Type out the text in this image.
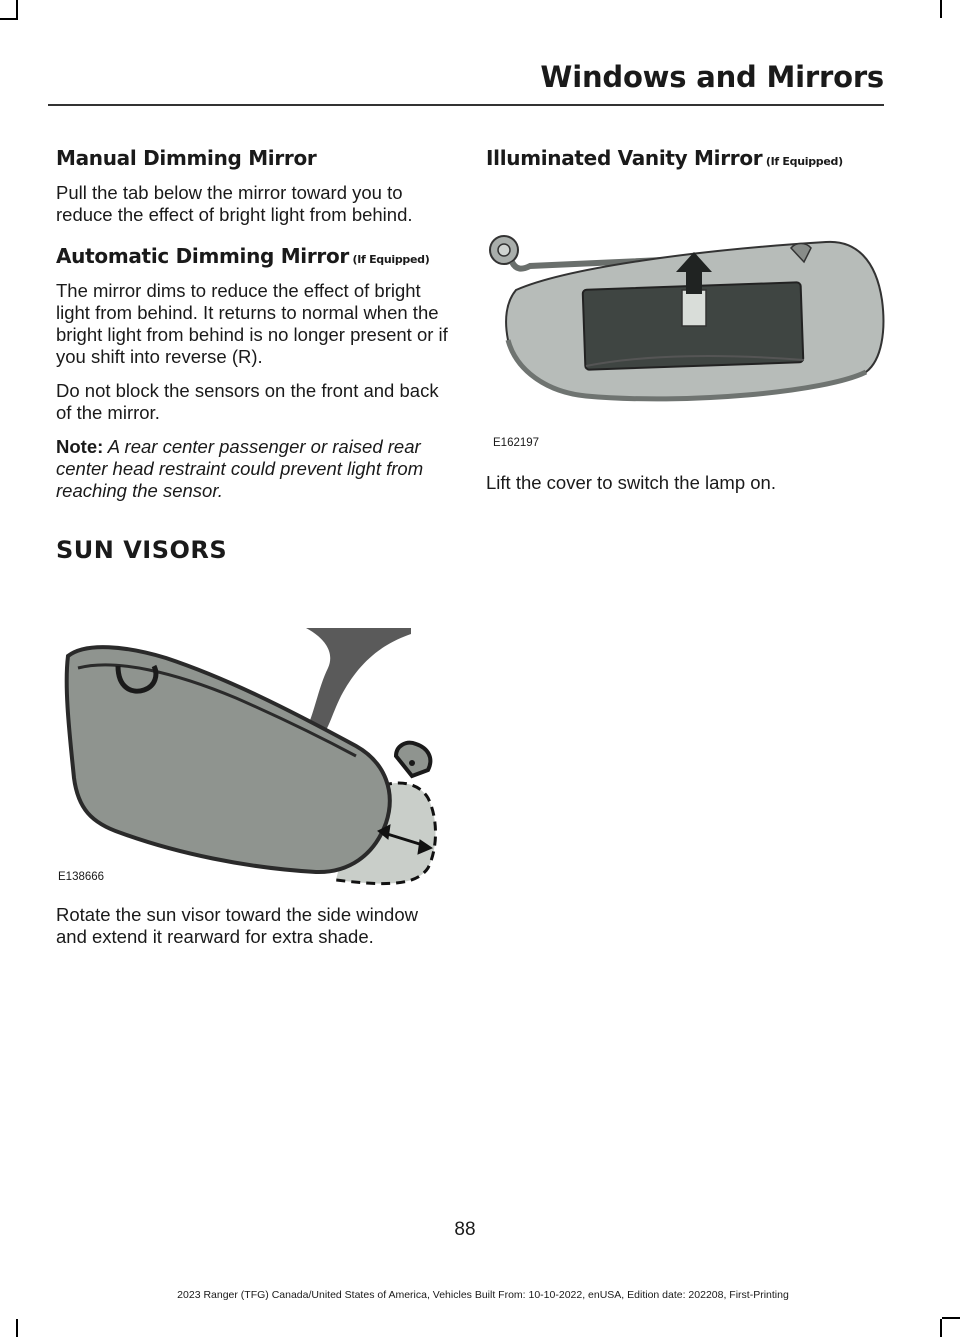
Windows and Mirrors
Manual Dimming Mirror

Pull the tab below the mirror toward you to reduce the effect of bright light from behind.

Automatic Dimming Mirror (If Equipped)

The mirror dims to reduce the effect of bright light from behind. It returns to normal when the bright light from behind is no longer present or if you shift into reverse (R).

Do not block the sensors on the front and back of the mirror.

Note: A rear center passenger or raised rear center head restraint could prevent light from reaching the sensor.

SUN VISORS
E138666

Rotate the sun visor toward the side window and extend it rearward for extra shade.

Illuminated Vanity Mirror (If Equipped)
E162197

Lift the cover to switch the lamp on.

88
2023 Ranger (TFG) Canada/United States of America, Vehicles Built From: 10-10-2022, enUSA, Edition date: 202208, First-Printing
